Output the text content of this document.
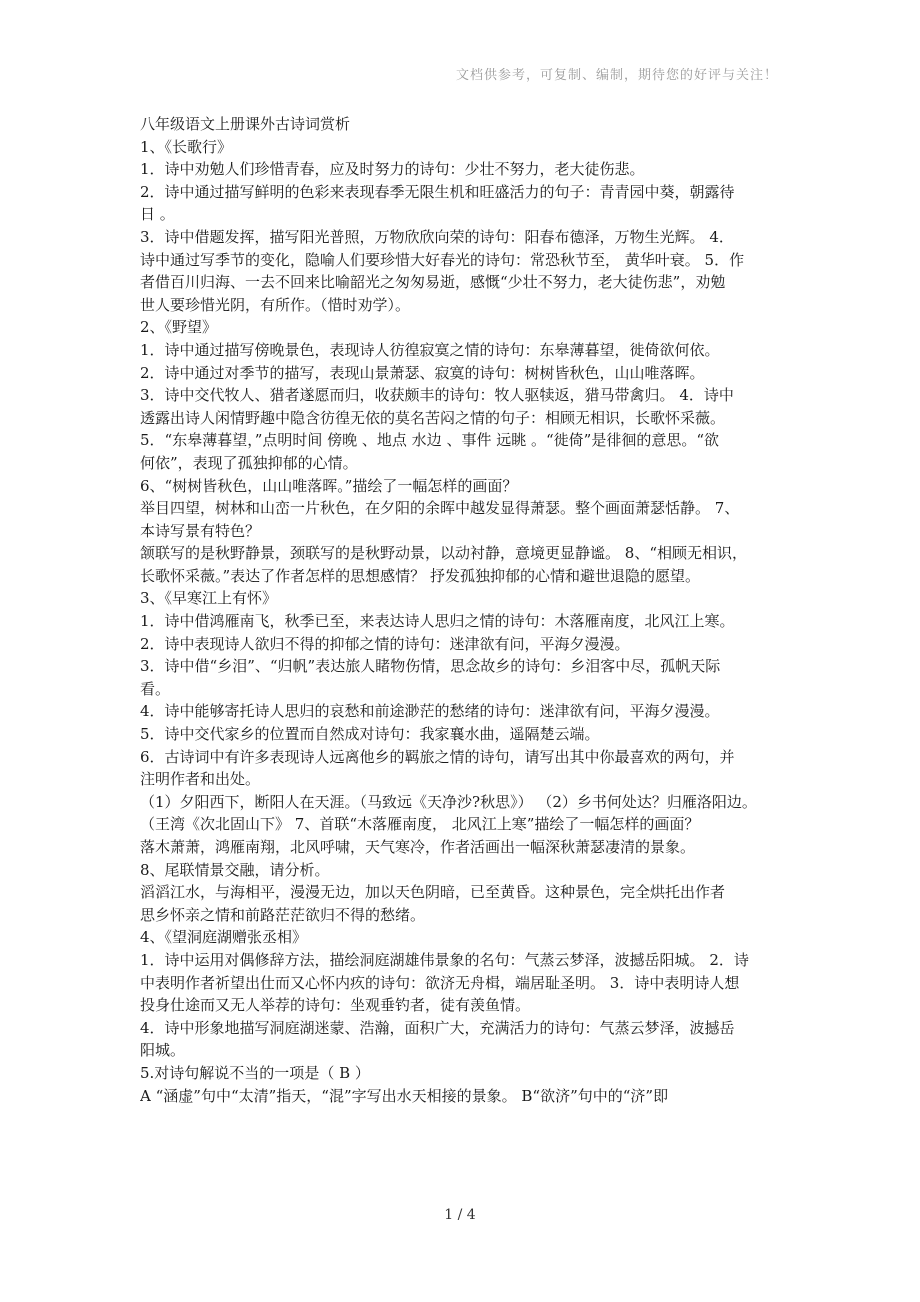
文档供参考，可复制、编制，期待您的好评与关注！
八年级语文上册课外古诗词赏析
1、《长歌行》
1．诗中劝勉人们珍惜青春，应及时努力的诗句：少壮不努力，老大徒伤悲。
2．诗中通过描写鲜明的色彩来表现春季无限生机和旺盛活力的句子：青青园中葵，朝露待
日 。
3．诗中借题发挥，描写阳光普照，万物欣欣向荣的诗句：阳春布德泽，万物生光辉。 4．
诗中通过写季节的变化，隐喻人们要珍惜大好春光的诗句：常恐秋节至， 黄华叶衰。 5．作
者借百川归海、一去不回来比喻韶光之匆匆易逝，感慨“少壮不努力，老大徒伤悲”，劝勉
世人要珍惜光阴，有所作。（惜时劝学）。
2、《野望》
1．诗中通过描写傍晚景色，表现诗人彷徨寂寞之情的诗句：东皋薄暮望，徙倚欲何依。
2．诗中通过对季节的描写，表现山景萧瑟、寂寞的诗句：树树皆秋色，山山唯落晖。
3．诗中交代牧人、猎者遂愿而归，收获颇丰的诗句：牧人驱犊返，猎马带禽归。 4．诗中
透露出诗人闲情野趣中隐含彷徨无依的莫名苦闷之情的句子：相顾无相识，长歌怀采薇。
5．“东皋薄暮望，”点明时间 傍晚 、地点 水边 、事件 远眺 。“徙倚”是徘徊的意思。“欲
何依”，表现了孤独抑郁的心情。
6、“树树皆秋色，山山唯落晖。”描绘了一幅怎样的画面？
举目四望，树林和山峦一片秋色，在夕阳的余晖中越发显得萧瑟。整个画面萧瑟恬静。 7、
本诗写景有特色？
颔联写的是秋野静景，颈联写的是秋野动景，以动衬静，意境更显静谧。 8、“相顾无相识，
长歌怀采薇。”表达了作者怎样的思想感情？ 抒发孤独抑郁的心情和避世退隐的愿望。
3、《早寒江上有怀》
1．诗中借鸿雁南飞，秋季已至，来表达诗人思归之情的诗句：木落雁南度，北风江上寒。
2．诗中表现诗人欲归不得的抑郁之情的诗句：迷津欲有问，平海夕漫漫。
3．诗中借“乡泪”、“归帆”表达旅人睹物伤情，思念故乡的诗句：乡泪客中尽，孤帆天际
看。
4．诗中能够寄托诗人思归的哀愁和前途渺茫的愁绪的诗句：迷津欲有问，平海夕漫漫。
5．诗中交代家乡的位置而自然成对诗句：我家襄水曲，遥隔楚云端。
6．古诗词中有许多表现诗人远离他乡的羁旅之情的诗句，请写出其中你最喜欢的两句，并
注明作者和出处。
（1）夕阳西下，断阳人在天涯。（马致远《天净沙?秋思》） （2）乡书何处达？归雁洛阳边。
（王湾《次北固山下》 7、首联“木落雁南度， 北风江上寒”描绘了一幅怎样的画面？
落木萧萧，鸿雁南翔，北风呼啸，天气寒冷，作者活画出一幅深秋萧瑟凄清的景象。
8、尾联情景交融，请分析。
滔滔江水，与海相平，漫漫无边，加以天色阴暗，已至黄昏。这种景色，完全烘托出作者
思乡怀亲之情和前路茫茫欲归不得的愁绪。
4、《望洞庭湖赠张丞相》
1．诗中运用对偶修辞方法，描绘洞庭湖雄伟景象的名句：气蒸云梦泽，波撼岳阳城。 2．诗
中表明作者祈望出仕而又心怀内疚的诗句：欲济无舟楫，端居耻圣明。 3．诗中表明诗人想
投身仕途而又无人举荐的诗句：坐观垂钓者，徒有羡鱼情。
4．诗中形象地描写洞庭湖迷蒙、浩瀚，面积广大，充满活力的诗句：气蒸云梦泽，波撼岳
阳城。
5.对诗句解说不当的一项是（ B ）
A “涵虚”句中“太清”指天，“混”字写出水天相接的景象。 B“欲济”句中的“济”即
1 / 4
